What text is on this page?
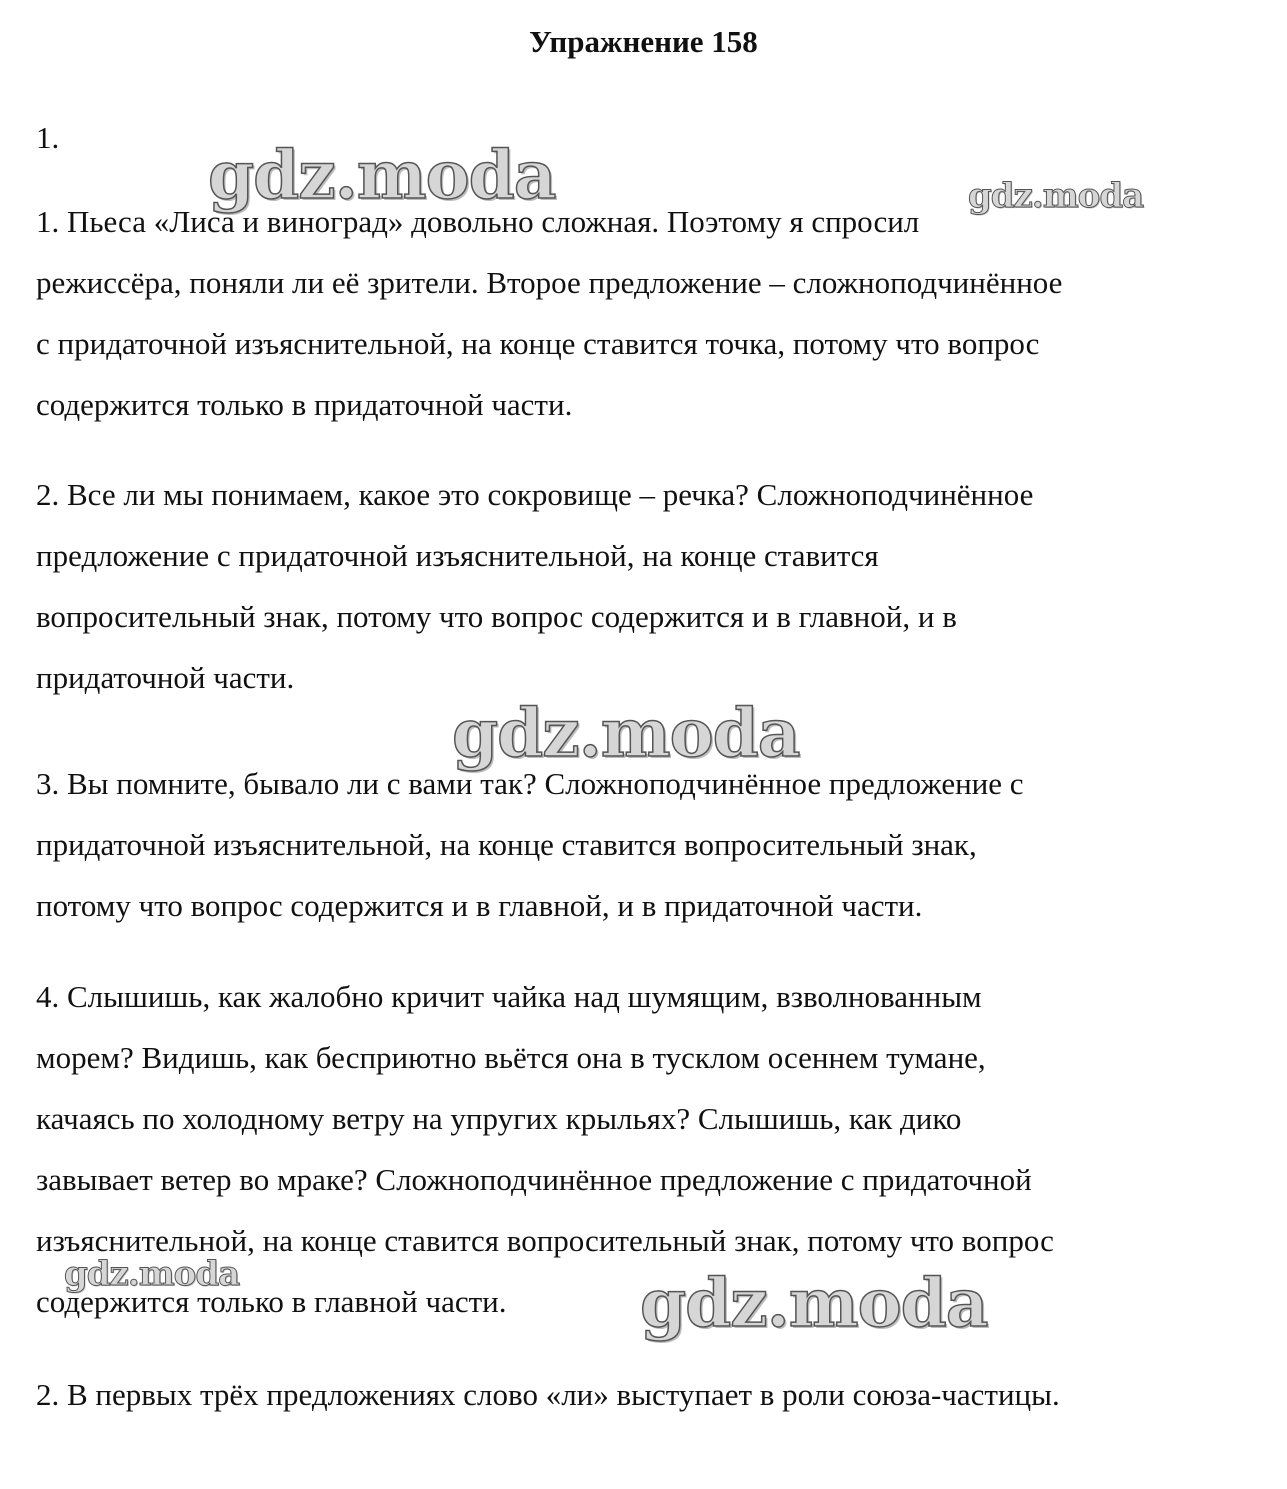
Упражнение 158

1.

1. Пьеса «Лиса и виноград» довольно сложная. Поэтому я спросил

режиссёра, поняли ли её зрители. Второе предложение – сложноподчинённое

с придаточной изъяснительной, на конце ставится точка, потому что вопрос

содержится только в придаточной части.

2. Все ли мы понимаем, какое это сокровище – речка? Сложноподчинённое

предложение с придаточной изъяснительной, на конце ставится

вопросительный знак, потому что вопрос содержится и в главной, и в

придаточной части.

3. Вы помните, бывало ли с вами так? Сложноподчинённое предложение с

придаточной изъяснительной, на конце ставится вопросительный знак,

потому что вопрос содержится и в главной, и в придаточной части.

4. Слышишь, как жалобно кричит чайка над шумящим, взволнованным

морем? Видишь, как бесприютно вьётся она в тусклом осеннем тумане,

качаясь по холодному ветру на упругих крыльях? Слышишь, как дико

завывает ветер во мраке? Сложноподчинённое предложение с придаточной

изъяснительной, на конце ставится вопросительный знак, потому что вопрос

содержится только в главной части.

2. В первых трёх предложениях слово «ли» выступает в роли союза-частицы.

gdz.moda	gdz.moda
gdz.moda
gdz.moda	gdz.moda
